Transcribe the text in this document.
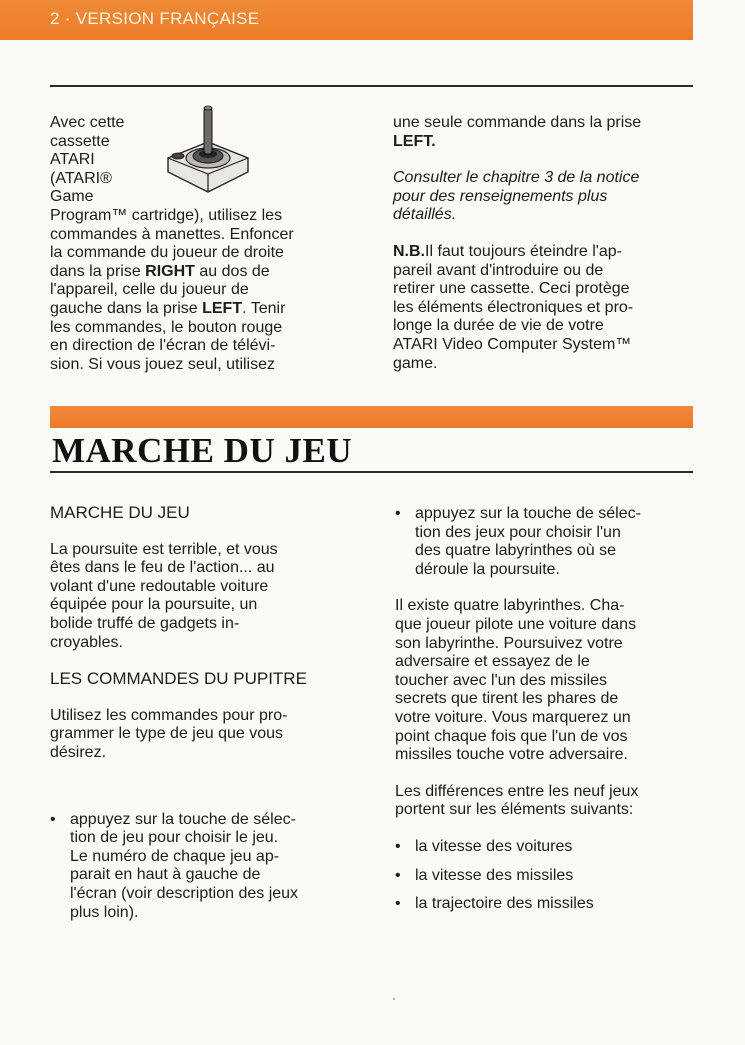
2 · VERSION FRANÇAISE

Avec cette

cassette

ATARI

(ATARI®

Game

Program™ cartridge), utilisez les

commandes à manettes. Enfoncer

la commande du joueur de droite

dans la prise RIGHT au dos de

l'appareil, celle du joueur de

gauche dans la prise LEFT. Tenir

les commandes, le bouton rouge

en direction de l'écran de télévi-

sion. Si vous jouez seul, utilisez

une seule commande dans la prise

LEFT.

Consulter le chapitre 3 de la notice

pour des renseignements plus

détaillés.

N.B.Il faut toujours éteindre l'ap-

pareil avant d'introduire ou de

retirer une cassette. Ceci protège

les éléments électroniques et pro-

longe la durée de vie de votre

ATARI Video Computer System™

game.

MARCHE DU JEU

MARCHE DU JEU

La poursuite est terrible, et vous

êtes dans le feu de l'action... au

volant d'une redoutable voiture

équipée pour la poursuite, un

bolide truffé de gadgets in-

croyables.

LES COMMANDES DU PUPITRE

Utilisez les commandes pour pro-

grammer le type de jeu que vous

désirez.

• appuyez sur la touche de sélec-

tion de jeu pour choisir le jeu.

Le numéro de chaque jeu ap-

parait en haut à gauche de

l'écran (voir description des jeux

plus loin).

• appuyez sur la touche de sélec-

tion des jeux pour choisir l'un

des quatre labyrinthes où se

déroule la poursuite.

Il existe quatre labyrinthes. Cha-

que joueur pilote une voiture dans

son labyrinthe. Poursuivez votre

adversaire et essayez de le

toucher avec l'un des missiles

secrets que tirent les phares de

votre voiture. Vous marquerez un

point chaque fois que l'un de vos

missiles touche votre adversaire.

Les différences entre les neuf jeux

portent sur les éléments suivants:

• la vitesse des voitures
• la vitesse des missiles
• la trajectoire des missiles
